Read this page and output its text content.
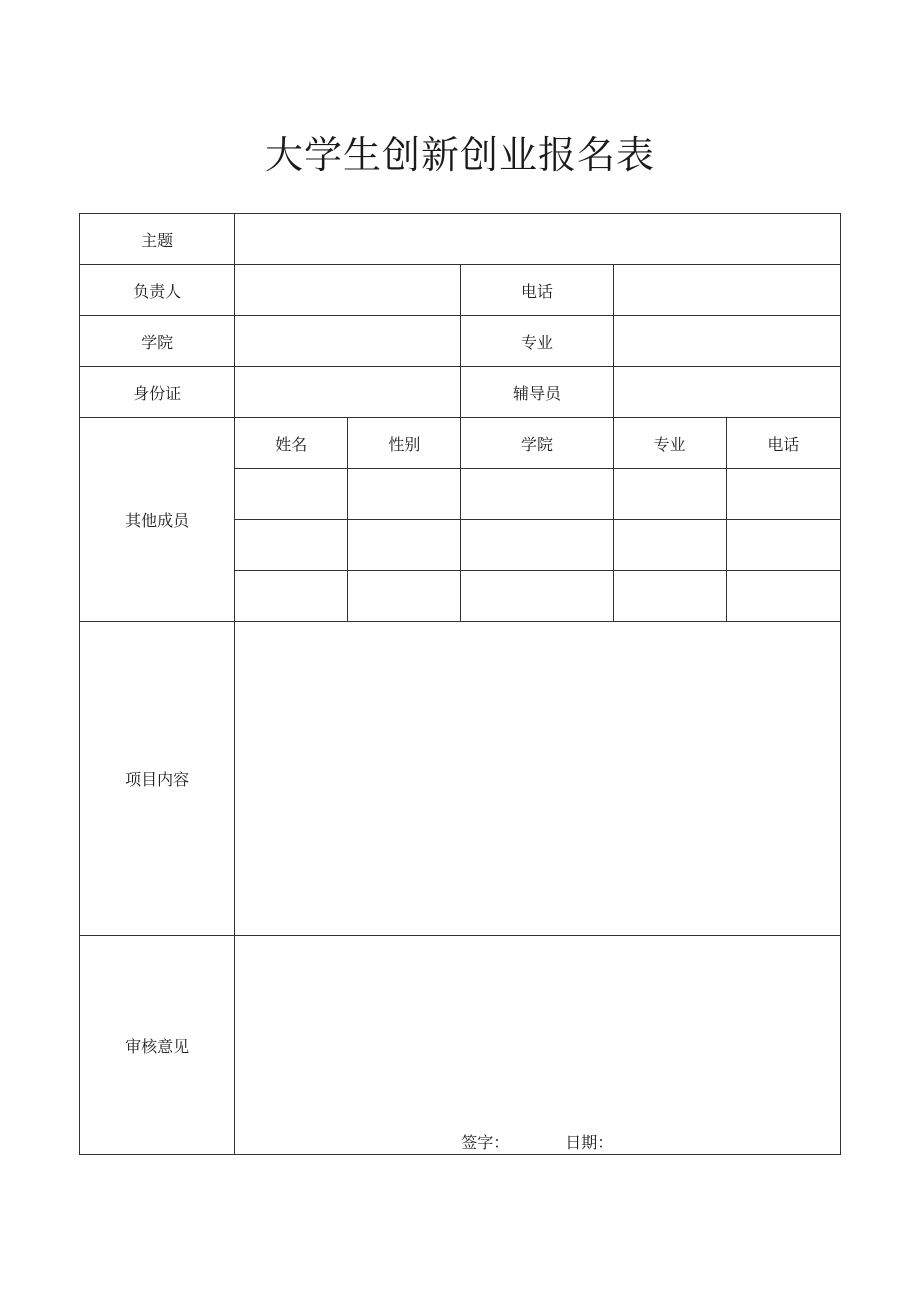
大学生创新创业报名表
主题					
负责人			电话		
学院			专业		
身份证			辅导员		
其他成员	姓名	性别	学院	专业	电话

项目内容					
审核意见	签字： 日期：				
